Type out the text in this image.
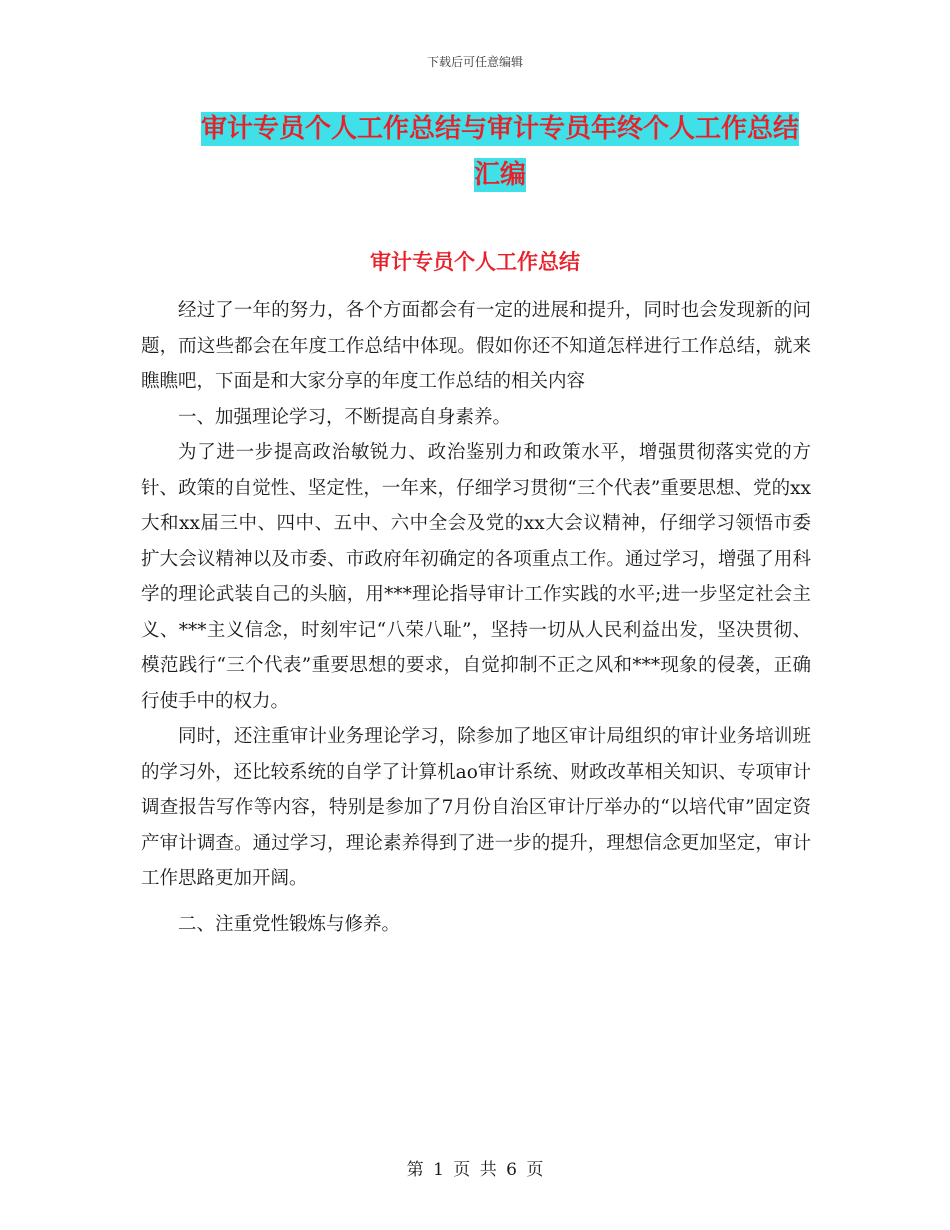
下载后可任意编辑
审计专员个人工作总结与审计专员年终个人工作总结
汇编
审计专员个人工作总结

经过了一年的努力，各个方面都会有一定的进展和提升，同时也会发现新的问题，而这些都会在年度工作总结中体现。假如你还不知道怎样进行工作总结，就来瞧瞧吧，下面是和大家分享的年度工作总结的相关内容

一、加强理论学习，不断提高自身素养。

为了进一步提高政治敏锐力、政治鉴别力和政策水平，增强贯彻落实党的方针、政策的自觉性、坚定性，一年来，仔细学习贯彻“三个代表”重要思想、党的xx大和xx届三中、四中、五中、六中全会及党的xx大会议精神，仔细学习领悟市委扩大会议精神以及市委、市政府年初确定的各项重点工作。通过学习，增强了用科学的理论武装自己的头脑，用***理论指导审计工作实践的水平;进一步坚定社会主义、***主义信念，时刻牢记“八荣八耻”，坚持一切从人民利益出发，坚决贯彻、模范践行“三个代表”重要思想的要求，自觉抑制不正之风和***现象的侵袭，正确行使手中的权力。

同时，还注重审计业务理论学习，除参加了地区审计局组织的审计业务培训班的学习外，还比较系统的自学了计算机ao审计系统、财政改革相关知识、专项审计调查报告写作等内容，特别是参加了7月份自治区审计厅举办的“以培代审”固定资产审计调查。通过学习，理论素养得到了进一步的提升，理想信念更加坚定，审计工作思路更加开阔。

二、注重党性锻炼与修养。

第 1 页 共 6 页
